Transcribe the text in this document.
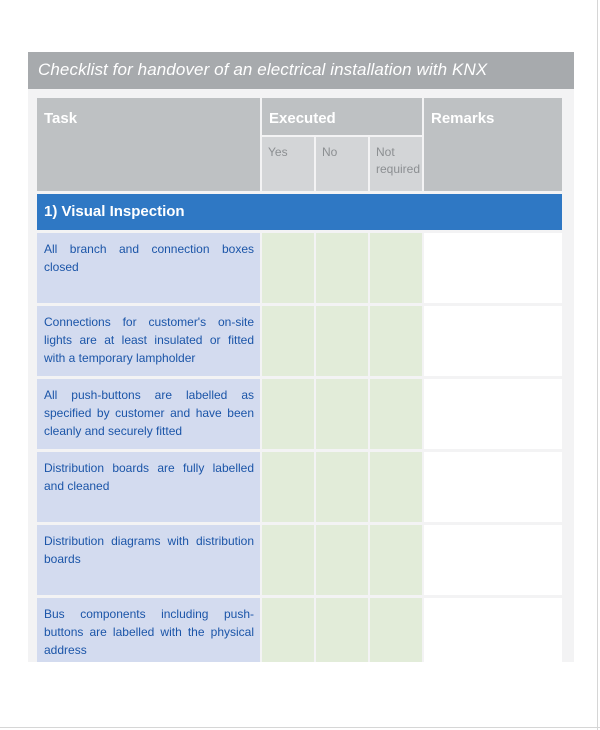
Checklist for handover of an electrical installation with KNX
Task	Executed	Remarks
Yes	No	Not required
1) Visual Inspection
All branch and connection boxes closed
Connections for customer's on-site lights are at least insulated or fitted with a temporary lampholder
All push-buttons are labelled as specified by customer and have been cleanly and securely fitted
Distribution boards are fully labelled and cleaned
Distribution diagrams with distribution boards
Bus components including push-buttons are labelled with the physical address
